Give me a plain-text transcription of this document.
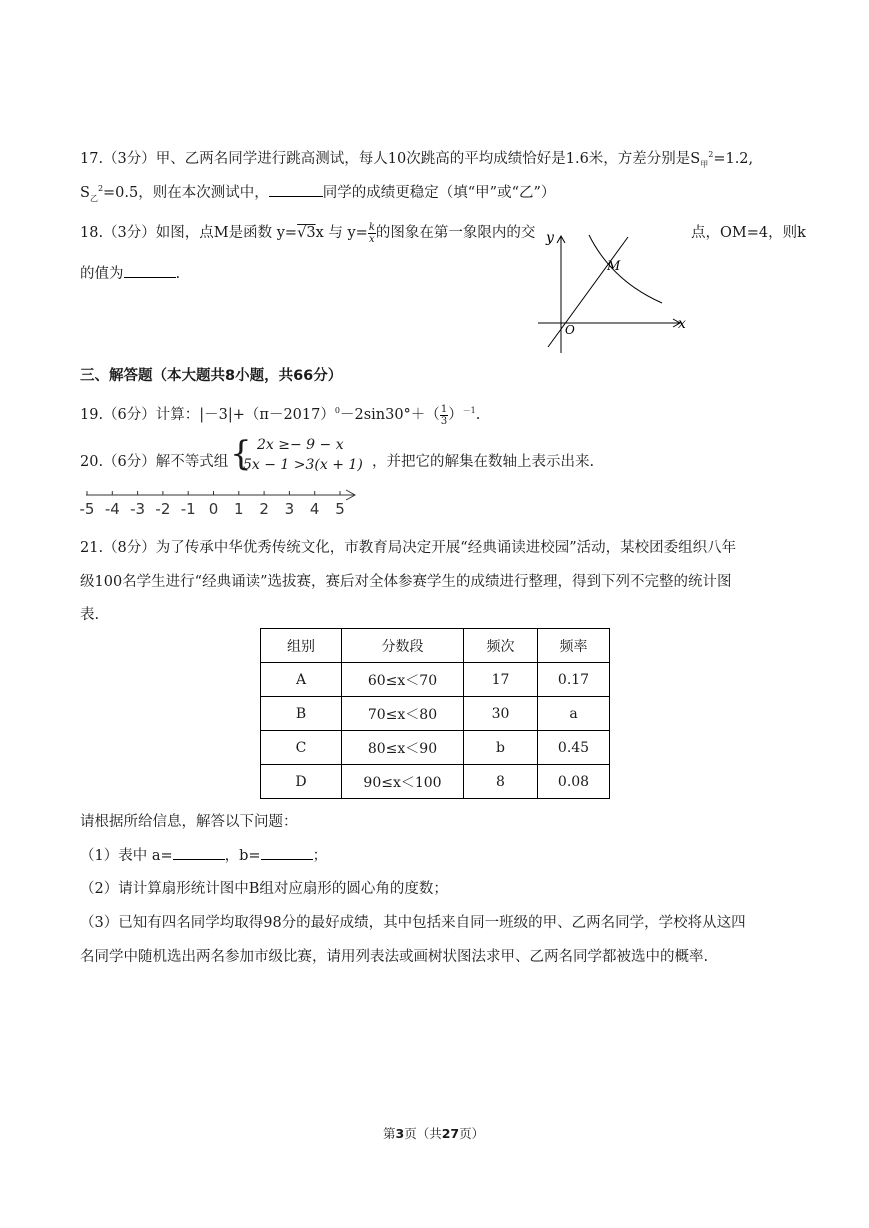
17.（3分）甲、乙两名同学进行跳高测试，每人10次跳高的平均成绩恰好是1.6米，方差分别是$S_甲^2=1.2$,
$S_乙^2=0.5$，则在本次测试中，	同学的成绩更稳定（填“甲”或“乙”）
18.（3分）如图，点M是函数 y=√3x 与 $y= \frac{k}{x}$ 的图象在第一象限内的交	点，OM=4，则k
的值为	.
y
x
M
O
三、解答题（本大题共8小题，共66分）
19.（6分）计算：$|-3|+(\pi-2017)^0-2\sin 30^\circ+( \frac{1}{3} )^{-1}$.
20.（6分）解不等式组 { 2x ≥− 9 − x
5x − 1 >3(x + 1) ，并把它的解集在数轴上表示出来.
-5 -4 -3 -2 -1 0 1 2 3 4 5
21.（8分）为了传承中华优秀传统文化，市教育局决定开展“经典诵读进校园”活动，某校团委组织八年
级100名学生进行“经典诵读”选拔赛，赛后对全体参赛学生的成绩进行整理，得到下列不完整的统计图
表.
组别	分数段	频次	频率
A	60≤x＜70	17	0.17
B	70≤x＜80	30	a
C	80≤x＜90	b	0.45
D	90≤x＜100	8	0.08
请根据所给信息，解答以下问题：
（1）表中 a=	，b=	；
（2）请计算扇形统计图中B组对应扇形的圆心角的度数；
（3）已知有四名同学均取得98分的最好成绩，其中包括来自同一班级的甲、乙两名同学，学校将从这四
名同学中随机选出两名参加市级比赛，请用列表法或画树状图法求甲、乙两名同学都被选中的概率.
第3页（共27页）
